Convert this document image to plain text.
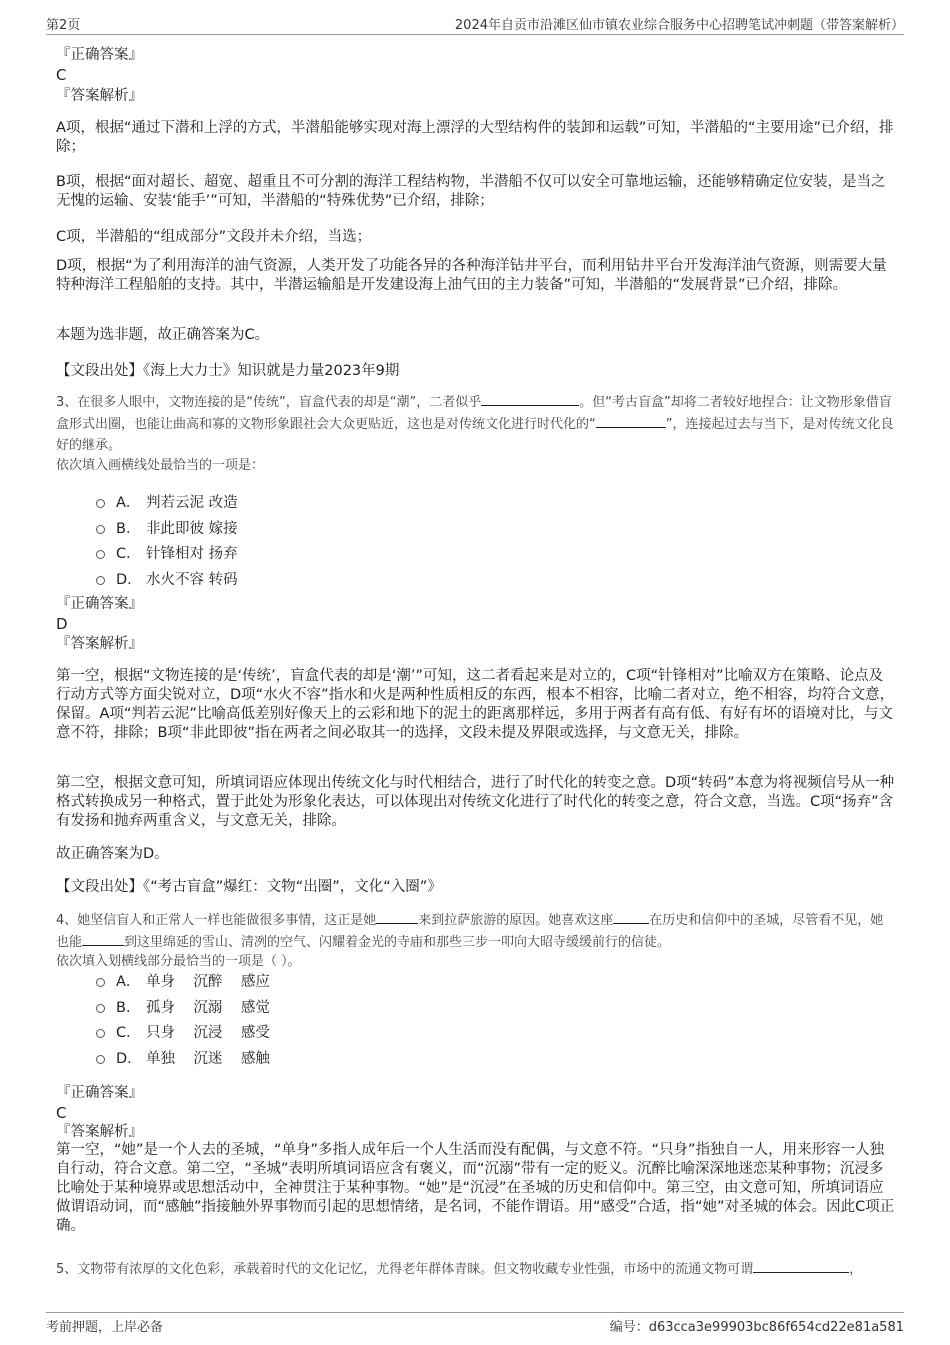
第2页	2024年自贡市沿滩区仙市镇农业综合服务中心招聘笔试冲刺题（带答案解析）
『正确答案』
C
『答案解析』

A项，根据“通过下潜和上浮的方式，半潜船能够实现对海上漂浮的大型结构件的装卸和运载”可知，半潜船的“主要用途”已介绍，排除；

B项，根据“面对超长、超宽、超重且不可分割的海洋工程结构物，半潜船不仅可以安全可靠地运输，还能够精确定位安装，是当之无愧的运输、安装‘能手’”可知，半潜船的“特殊优势”已介绍，排除；

C项，半潜船的“组成部分”文段并未介绍，当选；

D项，根据“为了利用海洋的油气资源，人类开发了功能各异的各种海洋钻井平台，而利用钻井平台开发海洋油气资源，则需要大量特种海洋工程船舶的支持。其中，半潜运输船是开发建设海上油气田的主力装备”可知，半潜船的“发展背景”已介绍，排除。

本题为选非题，故正确答案为C。

【文段出处】《海上大力士》知识就是力量2023年9期

3、在很多人眼中，文物连接的是“传统”，盲盒代表的却是“潮”，二者似乎	。但“考古盲盒”却将二者较好地捏合：让文物形象借盲盒形式出圈，也能让曲高和寡的文物形象跟社会大众更贴近，这也是对传统文化进行时代化的“	”，连接起过去与当下，是对传统文化良好的继承。

依次填入画横线处最恰当的一项是：
A． 判若云泥 改造
B． 非此即彼 嫁接
C． 针锋相对 扬弃
D． 水火不容 转码
『正确答案』
D
『答案解析』

第一空，根据“文物连接的是‘传统’，盲盒代表的却是‘潮’”可知，这二者看起来是对立的，C项“针锋相对”比喻双方在策略、论点及行动方式等方面尖锐对立，D项“水火不容”指水和火是两种性质相反的东西，根本不相容，比喻二者对立，绝不相容，均符合文意，保留。A项“判若云泥”比喻高低差别好像天上的云彩和地下的泥土的距离那样远，多用于两者有高有低、有好有坏的语境对比，与文意不符，排除；B项“非此即彼”指在两者之间必取其一的选择，文段未提及界限或选择，与文意无关，排除。

第二空，根据文意可知，所填词语应体现出传统文化与时代相结合，进行了时代化的转变之意。D项“转码”本意为将视频信号从一种格式转换成另一种格式，置于此处为形象化表达，可以体现出对传统文化进行了时代化的转变之意，符合文意，当选。C项“扬弃”含有发扬和抛弃两重含义，与文意无关，排除。

故正确答案为D。

【文段出处】《“考古盲盒”爆红：文物“出圈”，文化“入圈”》

4、她坚信盲人和正常人一样也能做很多事情，这正是她	来到拉萨旅游的原因。她喜欢这座	在历史和信仰中的圣城，尽管看不见，她也能	到这里绵延的雪山、清冽的空气、闪耀着金光的寺庙和那些三步一叩向大昭寺缓缓前行的信徒。

依次填入划横线部分最恰当的一项是（ ）。
A． 单身    沉醉    感应
B． 孤身    沉溺    感觉
C． 只身    沉浸    感受
D． 单独    沉迷    感触
『正确答案』
C
『答案解析』

第一空，“她”是一个人去的圣城，“单身”多指人成年后一个人生活而没有配偶，与文意不符。“只身”指独自一人，用来形容一人独自行动，符合文意。第二空，“圣城”表明所填词语应含有褒义，而“沉溺”带有一定的贬义。沉醉比喻深深地迷恋某种事物；沉浸多比喻处于某种境界或思想活动中，全神贯注于某种事物。“她”是“沉浸”在圣城的历史和信仰中。第三空，由文意可知，所填词语应做谓语动词，而“感触”指接触外界事物而引起的思想情绪，是名词，不能作谓语。用“感受”合适，指“她”对圣城的体会。因此C项正确。

5、文物带有浓厚的文化色彩，承载着时代的文化记忆，尤得老年群体青睐。但文物收藏专业性强，市场中的流通文物可谓	，

考前押题，上岸必备	编号：d63cca3e99903bc86f654cd22e81a581
